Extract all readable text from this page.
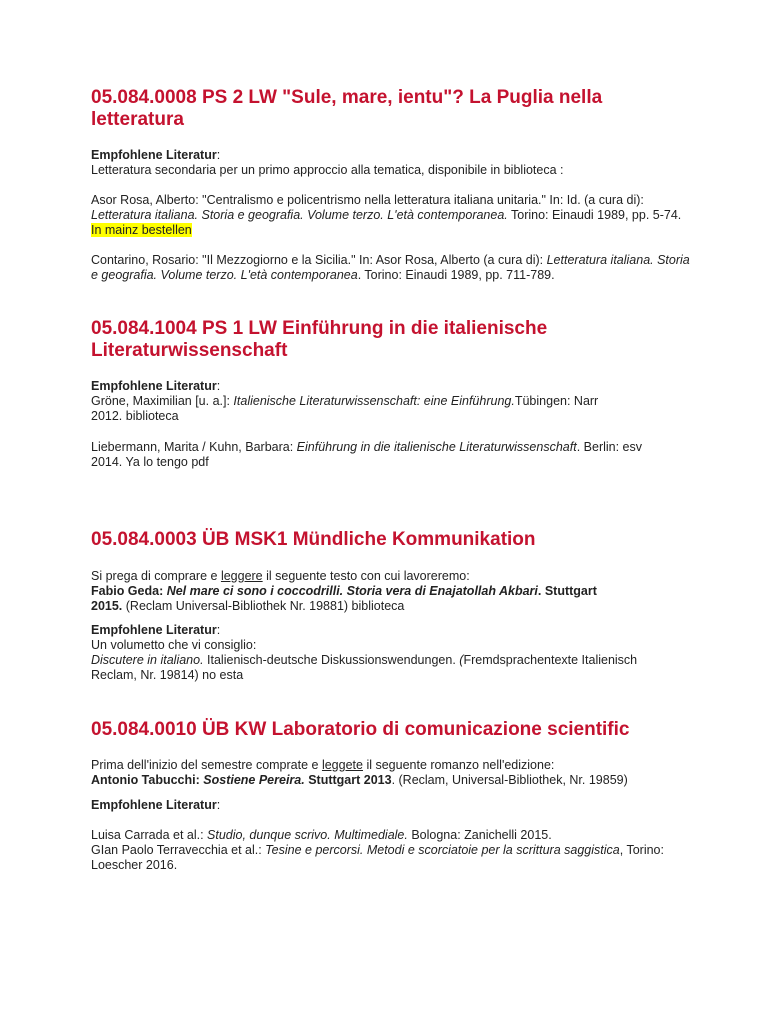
05.084.0008 PS 2 LW "Sule, mare, ientu"? La Puglia nella letteratura

Empfohlene Literatur:

Letteratura secondaria per un primo approccio alla tematica, disponibile in biblioteca :

Asor Rosa, Alberto: "Centralismo e policentrismo nella letteratura italiana unitaria." In: Id. (a cura di): Letteratura italiana. Storia e geografia. Volume terzo. L'età contemporanea. Torino: Einaudi 1989, pp. 5-74. In mainz bestellen

Contarino, Rosario: "Il Mezzogiorno e la Sicilia." In: Asor Rosa, Alberto (a cura di): Letteratura italiana. Storia e geografia. Volume terzo. L'età contemporanea. Torino: Einaudi 1989, pp. 711-789.

05.084.1004 PS 1 LW Einführung in die italienische Literaturwissenschaft

Empfohlene Literatur:

Gröne, Maximilian [u. a.]: Italienische Literaturwissenschaft: eine Einführung.Tübingen: Narr 2012. biblioteca

Liebermann, Marita / Kuhn, Barbara: Einführung in die italienische Literaturwissenschaft. Berlin: esv 2014. Ya lo tengo pdf

05.084.0003 ÜB MSK1 Mündliche Kommunikation

Si prega di comprare e leggere il seguente testo con cui lavoreremo:

Fabio Geda: Nel mare ci sono i coccodrilli. Storia vera di Enajatollah Akbari. Stuttgart 2015. (Reclam Universal-Bibliothek Nr. 19881) biblioteca

Empfohlene Literatur:

Un volumetto che vi consiglio:

Discutere in italiano. Italienisch-deutsche Diskussionswendungen. (Fremdsprachentexte Italienisch Reclam, Nr. 19814) no esta

05.084.0010 ÜB KW Laboratorio di comunicazione scientific

Prima dell'inizio del semestre comprate e leggete il seguente romanzo nell'edizione:

Antonio Tabucchi: Sostiene Pereira. Stuttgart 2013. (Reclam, Universal-Bibliothek, Nr. 19859)

Empfohlene Literatur:

Luisa Carrada et al.: Studio, dunque scrivo. Multimediale. Bologna: Zanichelli 2015.

GIan Paolo Terravecchia et al.: Tesine e percorsi. Metodi e scorciatoie per la scrittura saggistica, Torino: Loescher 2016.
